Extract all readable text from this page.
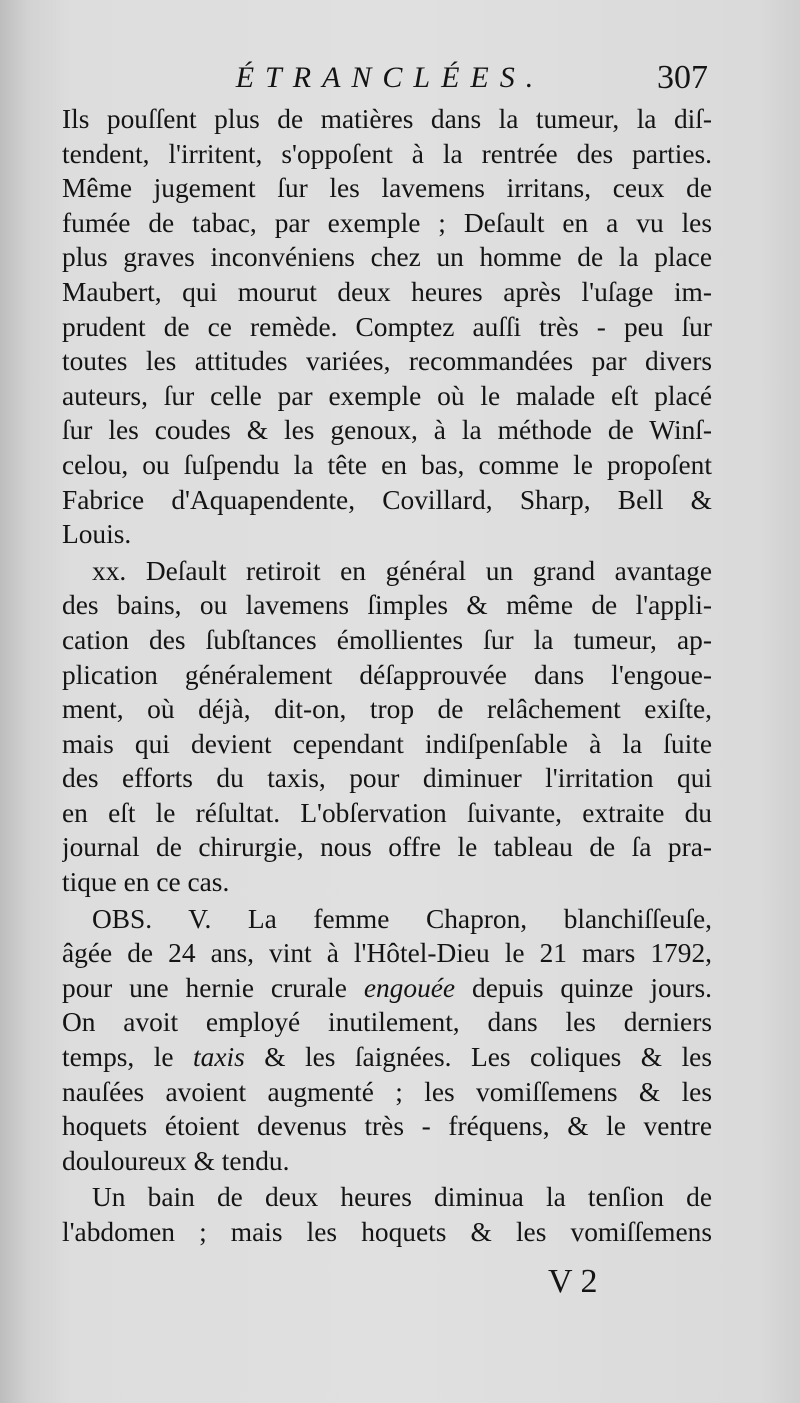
ÉTRANCLÉES.	307
Ils pouſſent plus de matières dans la tumeur, la diſ-
tendent, l'irritent, s'oppoſent à la rentrée des parties.
Même jugement ſur les lavemens irritans, ceux de
fumée de tabac, par exemple ; Deſault en a vu les
plus graves inconvéniens chez un homme de la place
Maubert, qui mourut deux heures après l'uſage im-
prudent de ce remède. Comptez auſſi très - peu ſur
toutes les attitudes variées, recommandées par divers
auteurs, ſur celle par exemple où le malade eſt placé
ſur les coudes & les genoux, à la méthode de Winſ-
celou, ou ſuſpendu la tête en bas, comme le propoſent
Fabrice d'Aquapendente, Covillard, Sharp, Bell &
Louis.
xx. Deſault retiroit en général un grand avantage
des bains, ou lavemens ſimples & même de l'appli-
cation des ſubſtances émollientes ſur la tumeur, ap-
plication généralement déſapprouvée dans l'engoue-
ment, où déjà, dit-on, trop de relâchement exiſte,
mais qui devient cependant indiſpenſable à la ſuite
des efforts du taxis, pour diminuer l'irritation qui
en eſt le réſultat. L'obſervation ſuivante, extraite du
journal de chirurgie, nous offre le tableau de ſa pra-
tique en ce cas.
OBS. V. La femme Chapron, blanchiſſeuſe,
âgée de 24 ans, vint à l'Hôtel-Dieu le 21 mars 1792,
pour une hernie crurale engouée depuis quinze jours.
On avoit employé inutilement, dans les derniers
temps, le taxis & les ſaignées. Les coliques & les
nauſées avoient augmenté ; les vomiſſemens & les
hoquets étoient devenus très - fréquens, & le ventre
douloureux & tendu.
Un bain de deux heures diminua la tenſion de
l'abdomen ; mais les hoquets & les vomiſſemens
V 2
